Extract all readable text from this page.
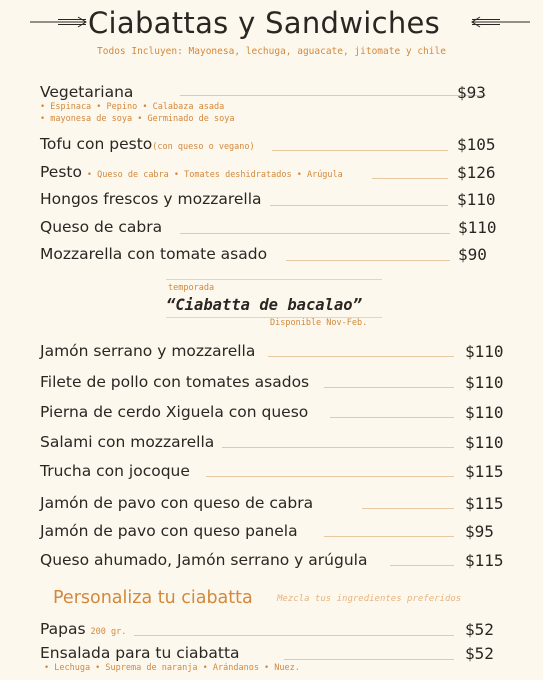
Ciabattas y Sandwiches
Todos Incluyen: Mayonesa, lechuga, aguacate, jitomate y chile
Vegetariana	$93
• Espinaca • Pepino • Calabaza asada
• mayonesa de soya • Germinado de soya
Tofu con pesto(con queso o vegano)	$105
Pesto • Queso de cabra • Tomates deshidratados • Arúgula	$126
Hongos frescos y mozzarella	$110
Queso de cabra	$110
Mozzarella con tomate asado	$90
temporada
“Ciabatta de bacalao”
Disponible Nov-Feb.
Jamón serrano y mozzarella	$110
Filete de pollo con tomates asados	$110
Pierna de cerdo Xiguela con queso	$110
Salami con mozzarella	$110
Trucha con jocoque	$115
Jamón de pavo con queso de cabra	$115
Jamón de pavo con queso panela	$95
Queso ahumado, Jamón serrano y arúgula	$115
Personaliza tu ciabatta	Mezcla tus ingredientes preferidos
Papas 200 gr.	$52
Ensalada para tu ciabatta	$52
• Lechuga • Suprema de naranja • Arándanos • Nuez.
